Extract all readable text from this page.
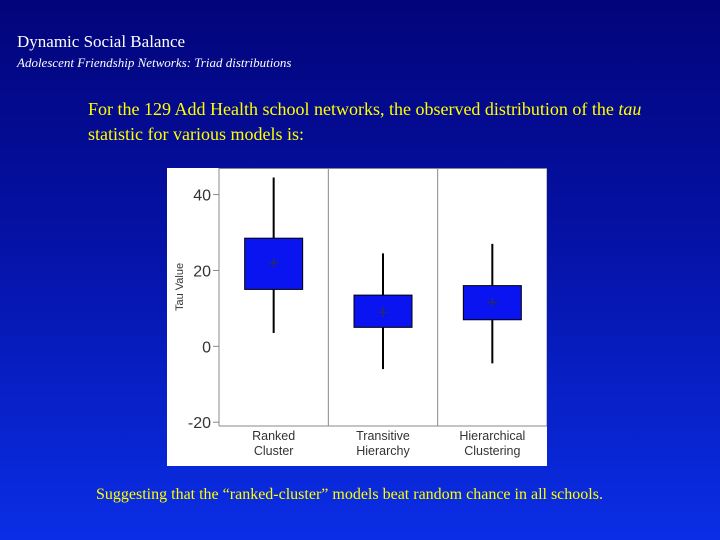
Dynamic Social Balance
Adolescent Friendship Networks: Triad distributions
For the 129 Add Health school networks, the observed distribution of the tau statistic for various models is:
40
20
0
-20
Tau Value
Ranked
Cluster
Transitive
Hierarchy
Hierarchical
Clustering
Suggesting that the “ranked-cluster” models beat random chance in all schools.
